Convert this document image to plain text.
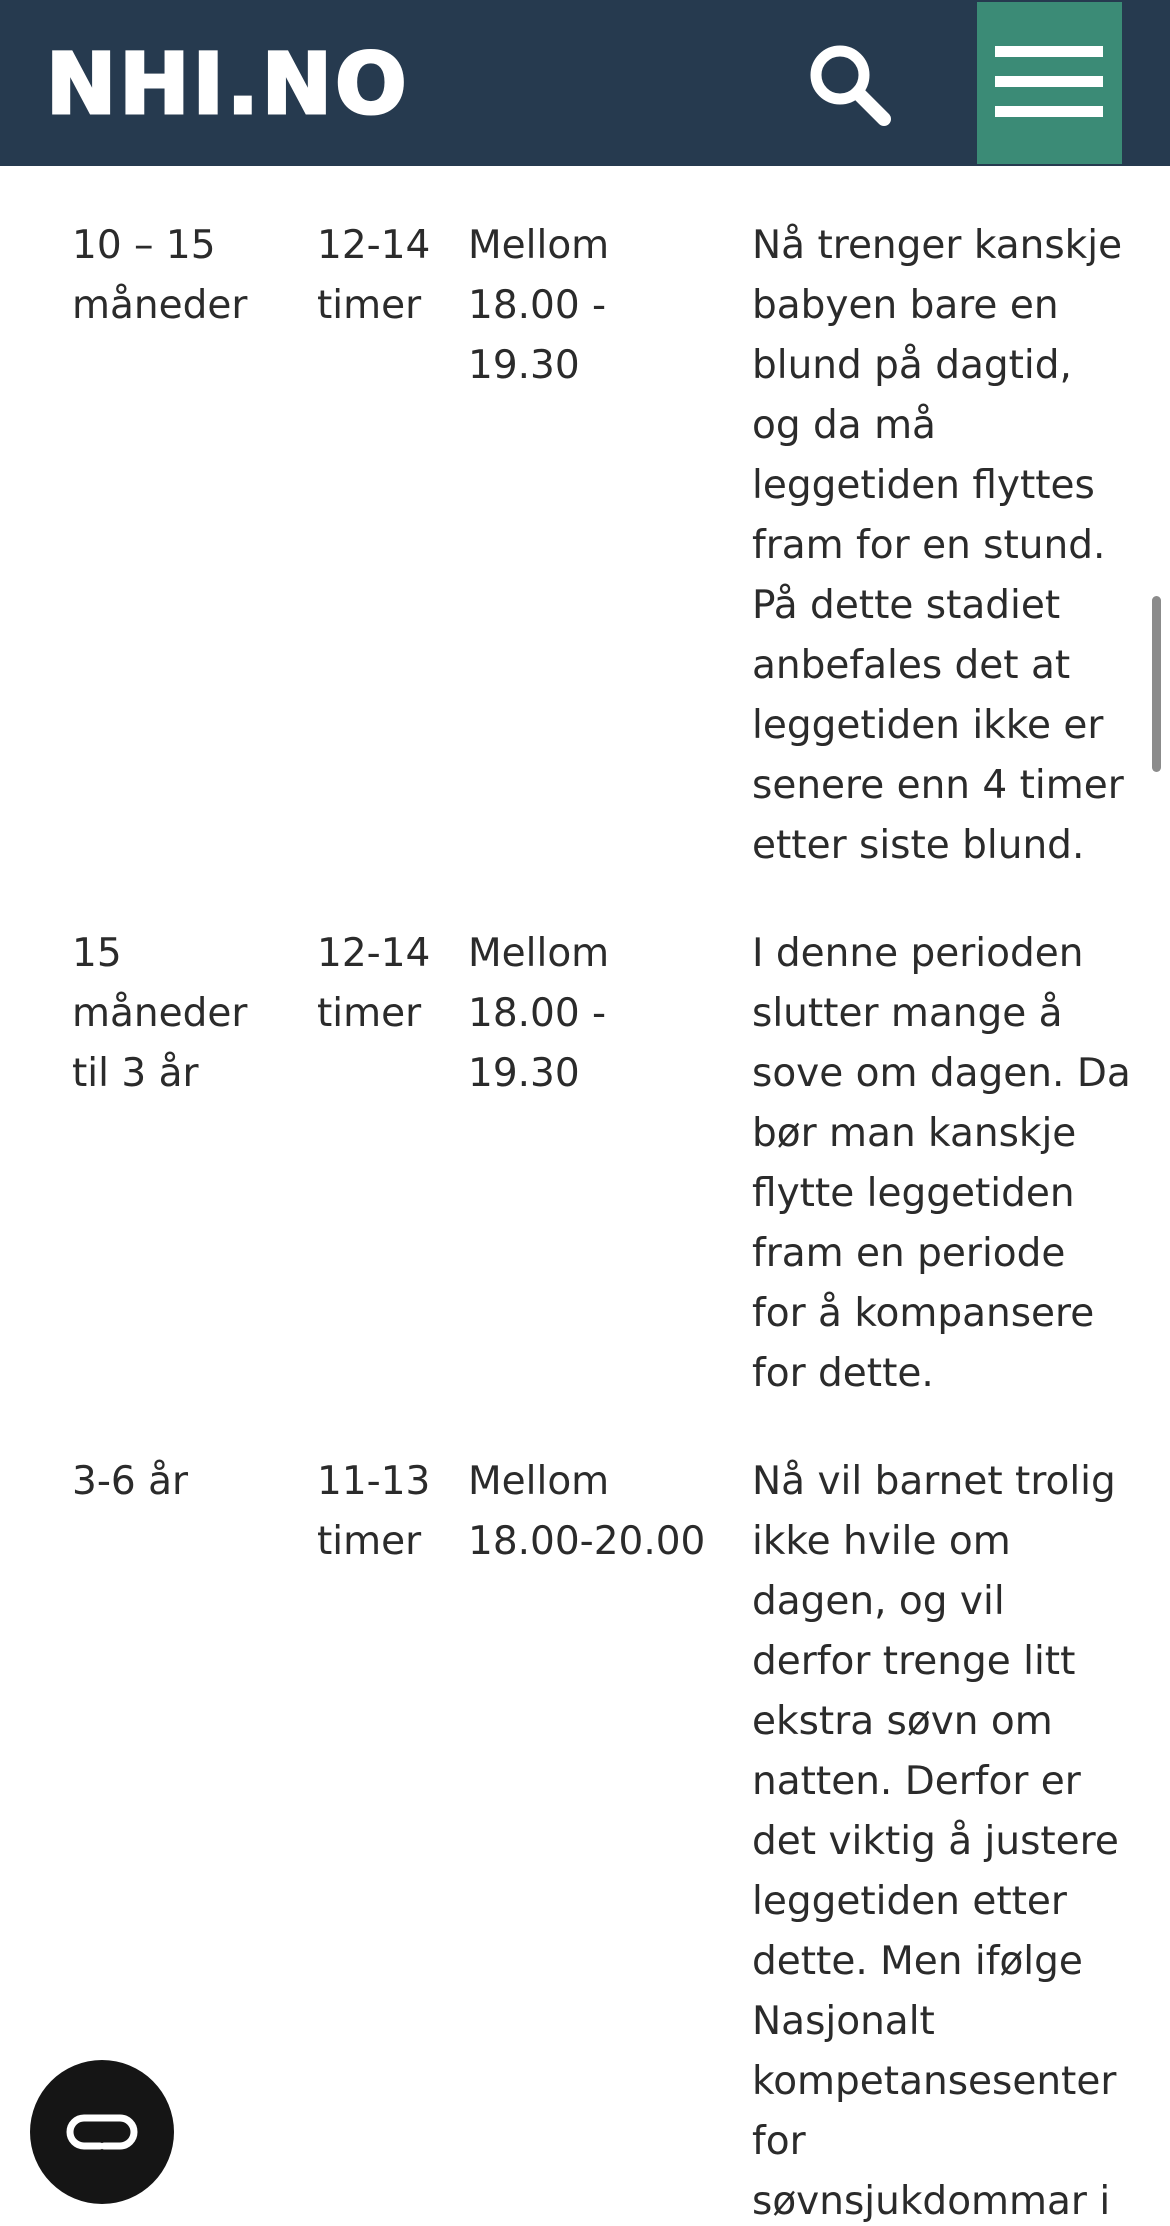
NHI.NO

10 – 15
måneder

12-14
timer

Mellom
18.00 -
19.30

Nå trenger kanskje
babyen bare en
blund på dagtid,
og da må
leggetiden flyttes
fram for en stund.
På dette stadiet
anbefales det at
leggetiden ikke er
senere enn 4 timer
etter siste blund.

15
måneder
til 3 år

12-14
timer

Mellom
18.00 -
19.30

I denne perioden
slutter mange å
sove om dagen. Da
bør man kanskje
flytte leggetiden
fram en periode
for å kompansere
for dette.

3-6 år	11-13
timer

Mellom
18.00-20.00

Nå vil barnet trolig
ikke hvile om
dagen, og vil
derfor trenge litt
ekstra søvn om
natten. Derfor er
det viktig å justere
leggetiden etter
dette. Men ifølge
Nasjonalt
kompetansesenter
for
søvnsjukdommar i
